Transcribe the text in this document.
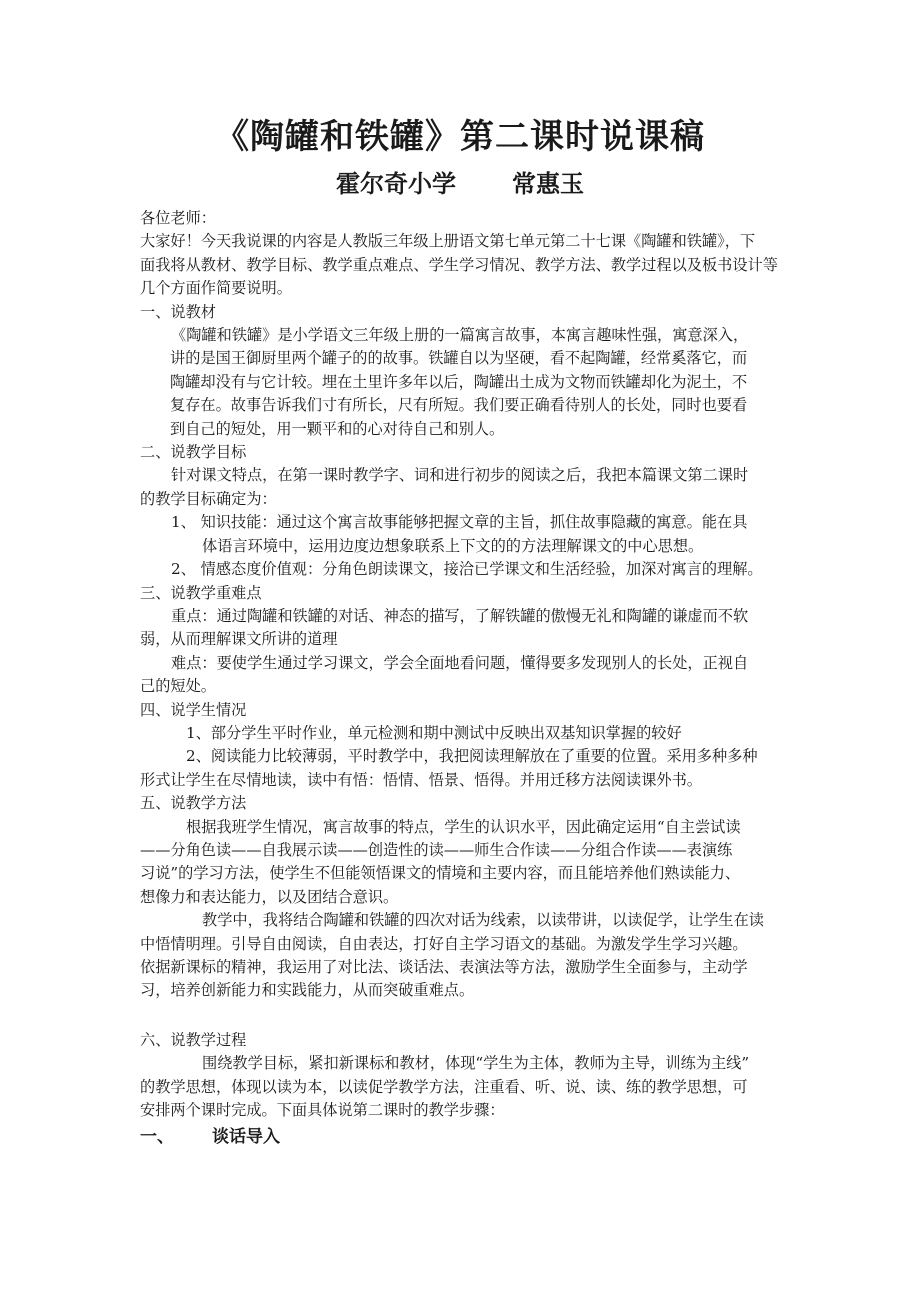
《陶罐和铁罐》第二课时说课稿
霍尔奇小学 常惠玉

各位老师：

大家好！今天我说课的内容是人教版三年级上册语文第七单元第二十七课《陶罐和铁罐》，下

面我将从教材、教学目标、教学重点难点、学生学习情况、教学方法、教学过程以及板书设计等

几个方面作简要说明。

一、说教材

《陶罐和铁罐》是小学语文三年级上册的一篇寓言故事，本寓言趣味性强，寓意深入，

讲的是国王御厨里两个罐子的的故事。铁罐自以为坚硬，看不起陶罐，经常奚落它，而

陶罐却没有与它计较。埋在土里许多年以后，陶罐出土成为文物而铁罐却化为泥土，不

复存在。故事告诉我们寸有所长，尺有所短。我们要正确看待别人的长处，同时也要看

到自己的短处，用一颗平和的心对待自己和别人。

二、说教学目标

针对课文特点，在第一课时教学字、词和进行初步的阅读之后，我把本篇课文第二课时

的教学目标确定为：

1、 知识技能：通过这个寓言故事能够把握文章的主旨，抓住故事隐藏的寓意。能在具

体语言环境中，运用边度边想象联系上下文的的方法理解课文的中心思想。

2、 情感态度价值观：分角色朗读课文，接洽已学课文和生活经验，加深对寓言的理解。

三、说教学重难点

重点：通过陶罐和铁罐的对话、神态的描写，了解铁罐的傲慢无礼和陶罐的谦虚而不软

弱，从而理解课文所讲的道理

难点：要使学生通过学习课文，学会全面地看问题，懂得要多发现别人的长处，正视自

己的短处。

四、说学生情况

1、部分学生平时作业，单元检测和期中测试中反映出双基知识掌握的较好

2、阅读能力比较薄弱，平时教学中，我把阅读理解放在了重要的位置。采用多种多种

形式让学生在尽情地读，读中有悟：悟情、悟景、悟得。并用迁移方法阅读课外书。

五、说教学方法

根据我班学生情况，寓言故事的特点，学生的认识水平，因此确定运用“自主尝试读

——分角色读——自我展示读——创造性的读——师生合作读——分组合作读——表演练

习说”的学习方法，使学生不但能领悟课文的情境和主要内容，而且能培养他们熟读能力、

想像力和表达能力，以及团结合意识。

教学中，我将结合陶罐和铁罐的四次对话为线索，以读带讲，以读促学，让学生在读

中悟情明理。引导自由阅读，自由表达，打好自主学习语文的基础。为激发学生学习兴趣。

依据新课标的精神，我运用了对比法、谈话法、表演法等方法，激励学生全面参与，主动学

习，培养创新能力和实践能力，从而突破重难点。

六、说教学过程

围绕教学目标，紧扣新课标和教材，体现“学生为主体，教师为主导，训练为主线”

的教学思想，体现以读为本，以读促学教学方法，注重看、听、说、读、练的教学思想，可

安排两个课时完成。下面具体说第二课时的教学步骤：

一、 谈话导入
